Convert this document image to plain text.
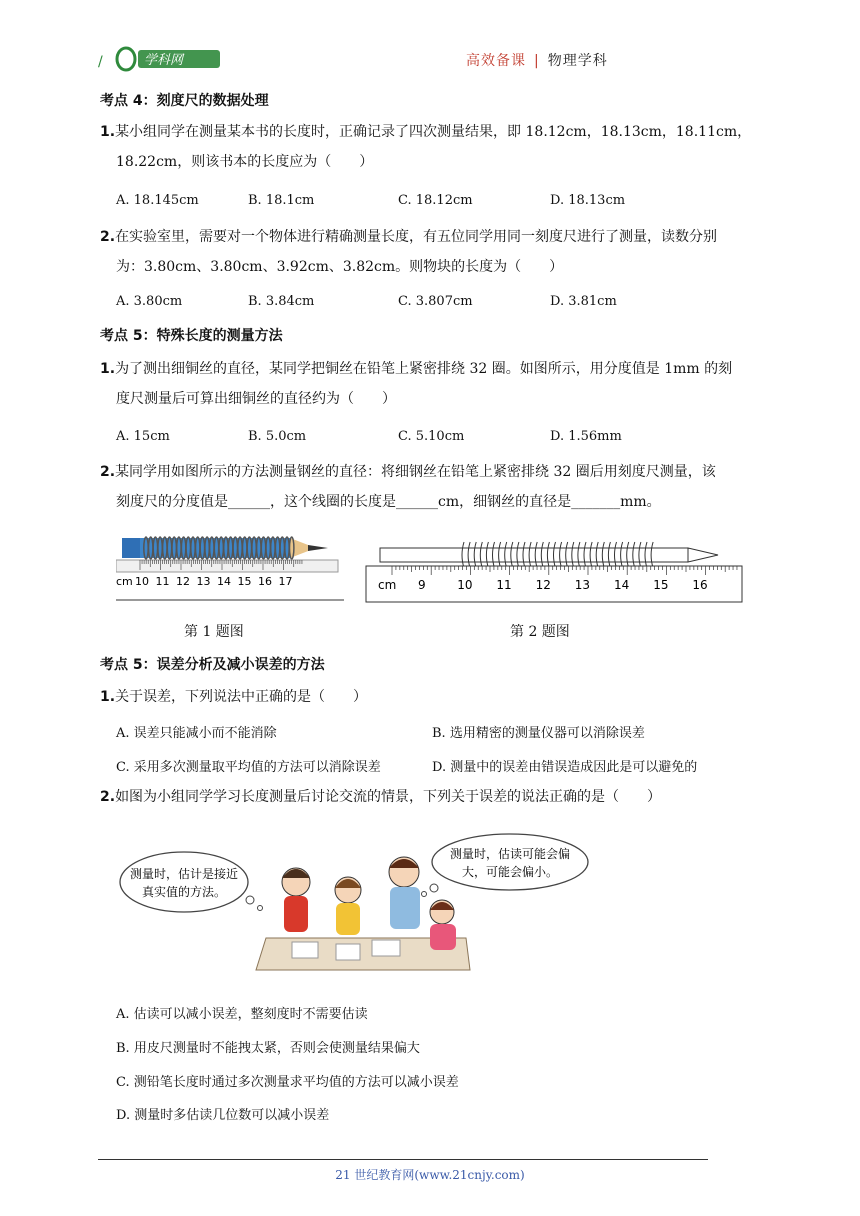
/	学科网	高效备课 | 物理学科
考点 4：刻度尺的数据处理
1.某小组同学在测量某本书的长度时，正确记录了四次测量结果，即 18.12cm，18.13cm，18.11cm，
18.22cm，则该书本的长度应为（　　）
A. 18.145cm	B. 18.1cm	C. 18.12cm	D. 18.13cm
2.在实验室里，需要对一个物体进行精确测量长度，有五位同学用同一刻度尺进行了测量，读数分别
为：3.80cm、3.80cm、3.92cm、3.82cm。则物块的长度为（　　）
A. 3.80cm	B. 3.84cm	C. 3.807cm	D. 3.81cm
考点 5：特殊长度的测量方法
1.为了测出细铜丝的直径，某同学把铜丝在铅笔上紧密排绕 32 圈。如图所示，用分度值是 1mm 的刻
度尺测量后可算出细铜丝的直径约为（　　）
A. 15cm	B. 5.0cm	C. 5.10cm	D. 1.56mm
2.某同学用如图所示的方法测量钢丝的直径：将细钢丝在铅笔上紧密排绕 32 圈后用刻度尺测量，该
刻度尺的分度值是______，这个线圈的长度是______cm，细钢丝的直径是_______mm。
cm 10 11 12 13 14 15 16 17
第 1 题图
cm 9	10 11 12 13 14 15 16
第 2 题图
考点 5：误差分析及减小误差的方法
1.关于误差，下列说法中正确的是（　　）
A. 误差只能减小而不能消除	B. 选用精密的测量仪器可以消除误差
C. 采用多次测量取平均值的方法可以消除误差	D. 测量中的误差由错误造成因此是可以避免的
2.如图为小组同学学习长度测量后讨论交流的情景，下列关于误差的说法正确的是（　　）
测量时，估计是接近
真实值的方法。
测量时，估读可能会偏
大，可能会偏小。
A. 估读可以减小误差，整刻度时不需要估读
B. 用皮尺测量时不能拽太紧，否则会使测量结果偏大
C. 测铅笔长度时通过多次测量求平均值的方法可以减小误差
D. 测量时多估读几位数可以减小误差
21 世纪教育网(www.21cnjy.com)
